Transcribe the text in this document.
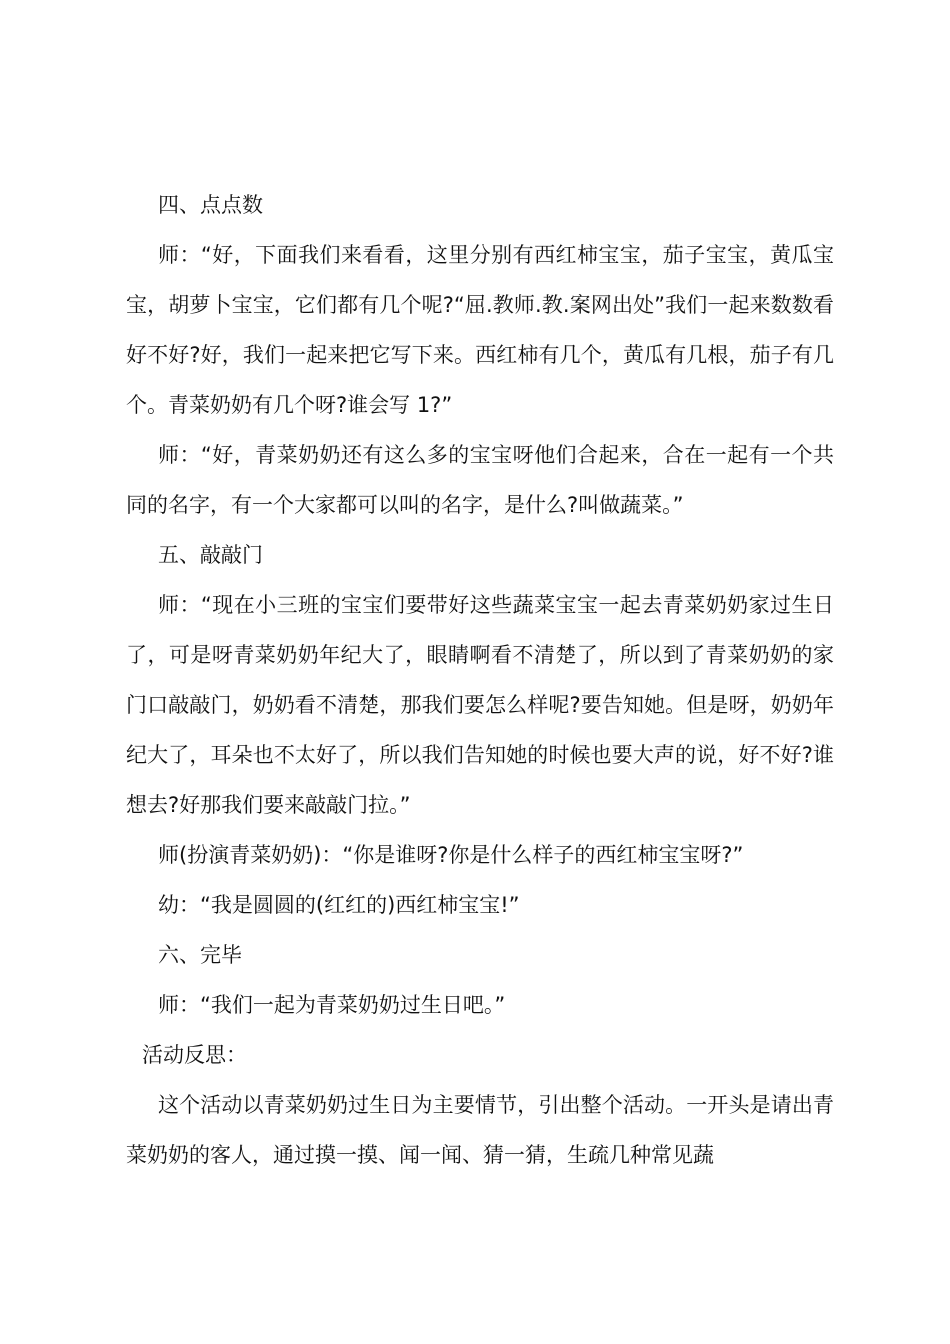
四、点点数

师：“好，下面我们来看看，这里分别有西红柿宝宝，茄子宝宝，黄瓜宝宝，胡萝卜宝宝，它们都有几个呢?“屈.教师.教.案网出处”我们一起来数数看好不好?好，我们一起来把它写下来。西红柿有几个，黄瓜有几根，茄子有几个。青菜奶奶有几个呀?谁会写 1?”

师：“好，青菜奶奶还有这么多的宝宝呀他们合起来，合在一起有一个共同的名字，有一个大家都可以叫的名字，是什么?叫做蔬菜。”

五、敲敲门

师：“现在小三班的宝宝们要带好这些蔬菜宝宝一起去青菜奶奶家过生日了，可是呀青菜奶奶年纪大了，眼睛啊看不清楚了，所以到了青菜奶奶的家门口敲敲门，奶奶看不清楚，那我们要怎么样呢?要告知她。但是呀，奶奶年纪大了，耳朵也不太好了，所以我们告知她的时候也要大声的说，好不好?谁想去?好那我们要来敲敲门拉。”

师(扮演青菜奶奶)：“你是谁呀?你是什么样子的西红柿宝宝呀?”

幼：“我是圆圆的(红红的)西红柿宝宝!”

六、完毕

师：“我们一起为青菜奶奶过生日吧。”

活动反思：

这个活动以青菜奶奶过生日为主要情节，引出整个活动。一开头是请出青菜奶奶的客人，通过摸一摸、闻一闻、猜一猜，生疏几种常见蔬
